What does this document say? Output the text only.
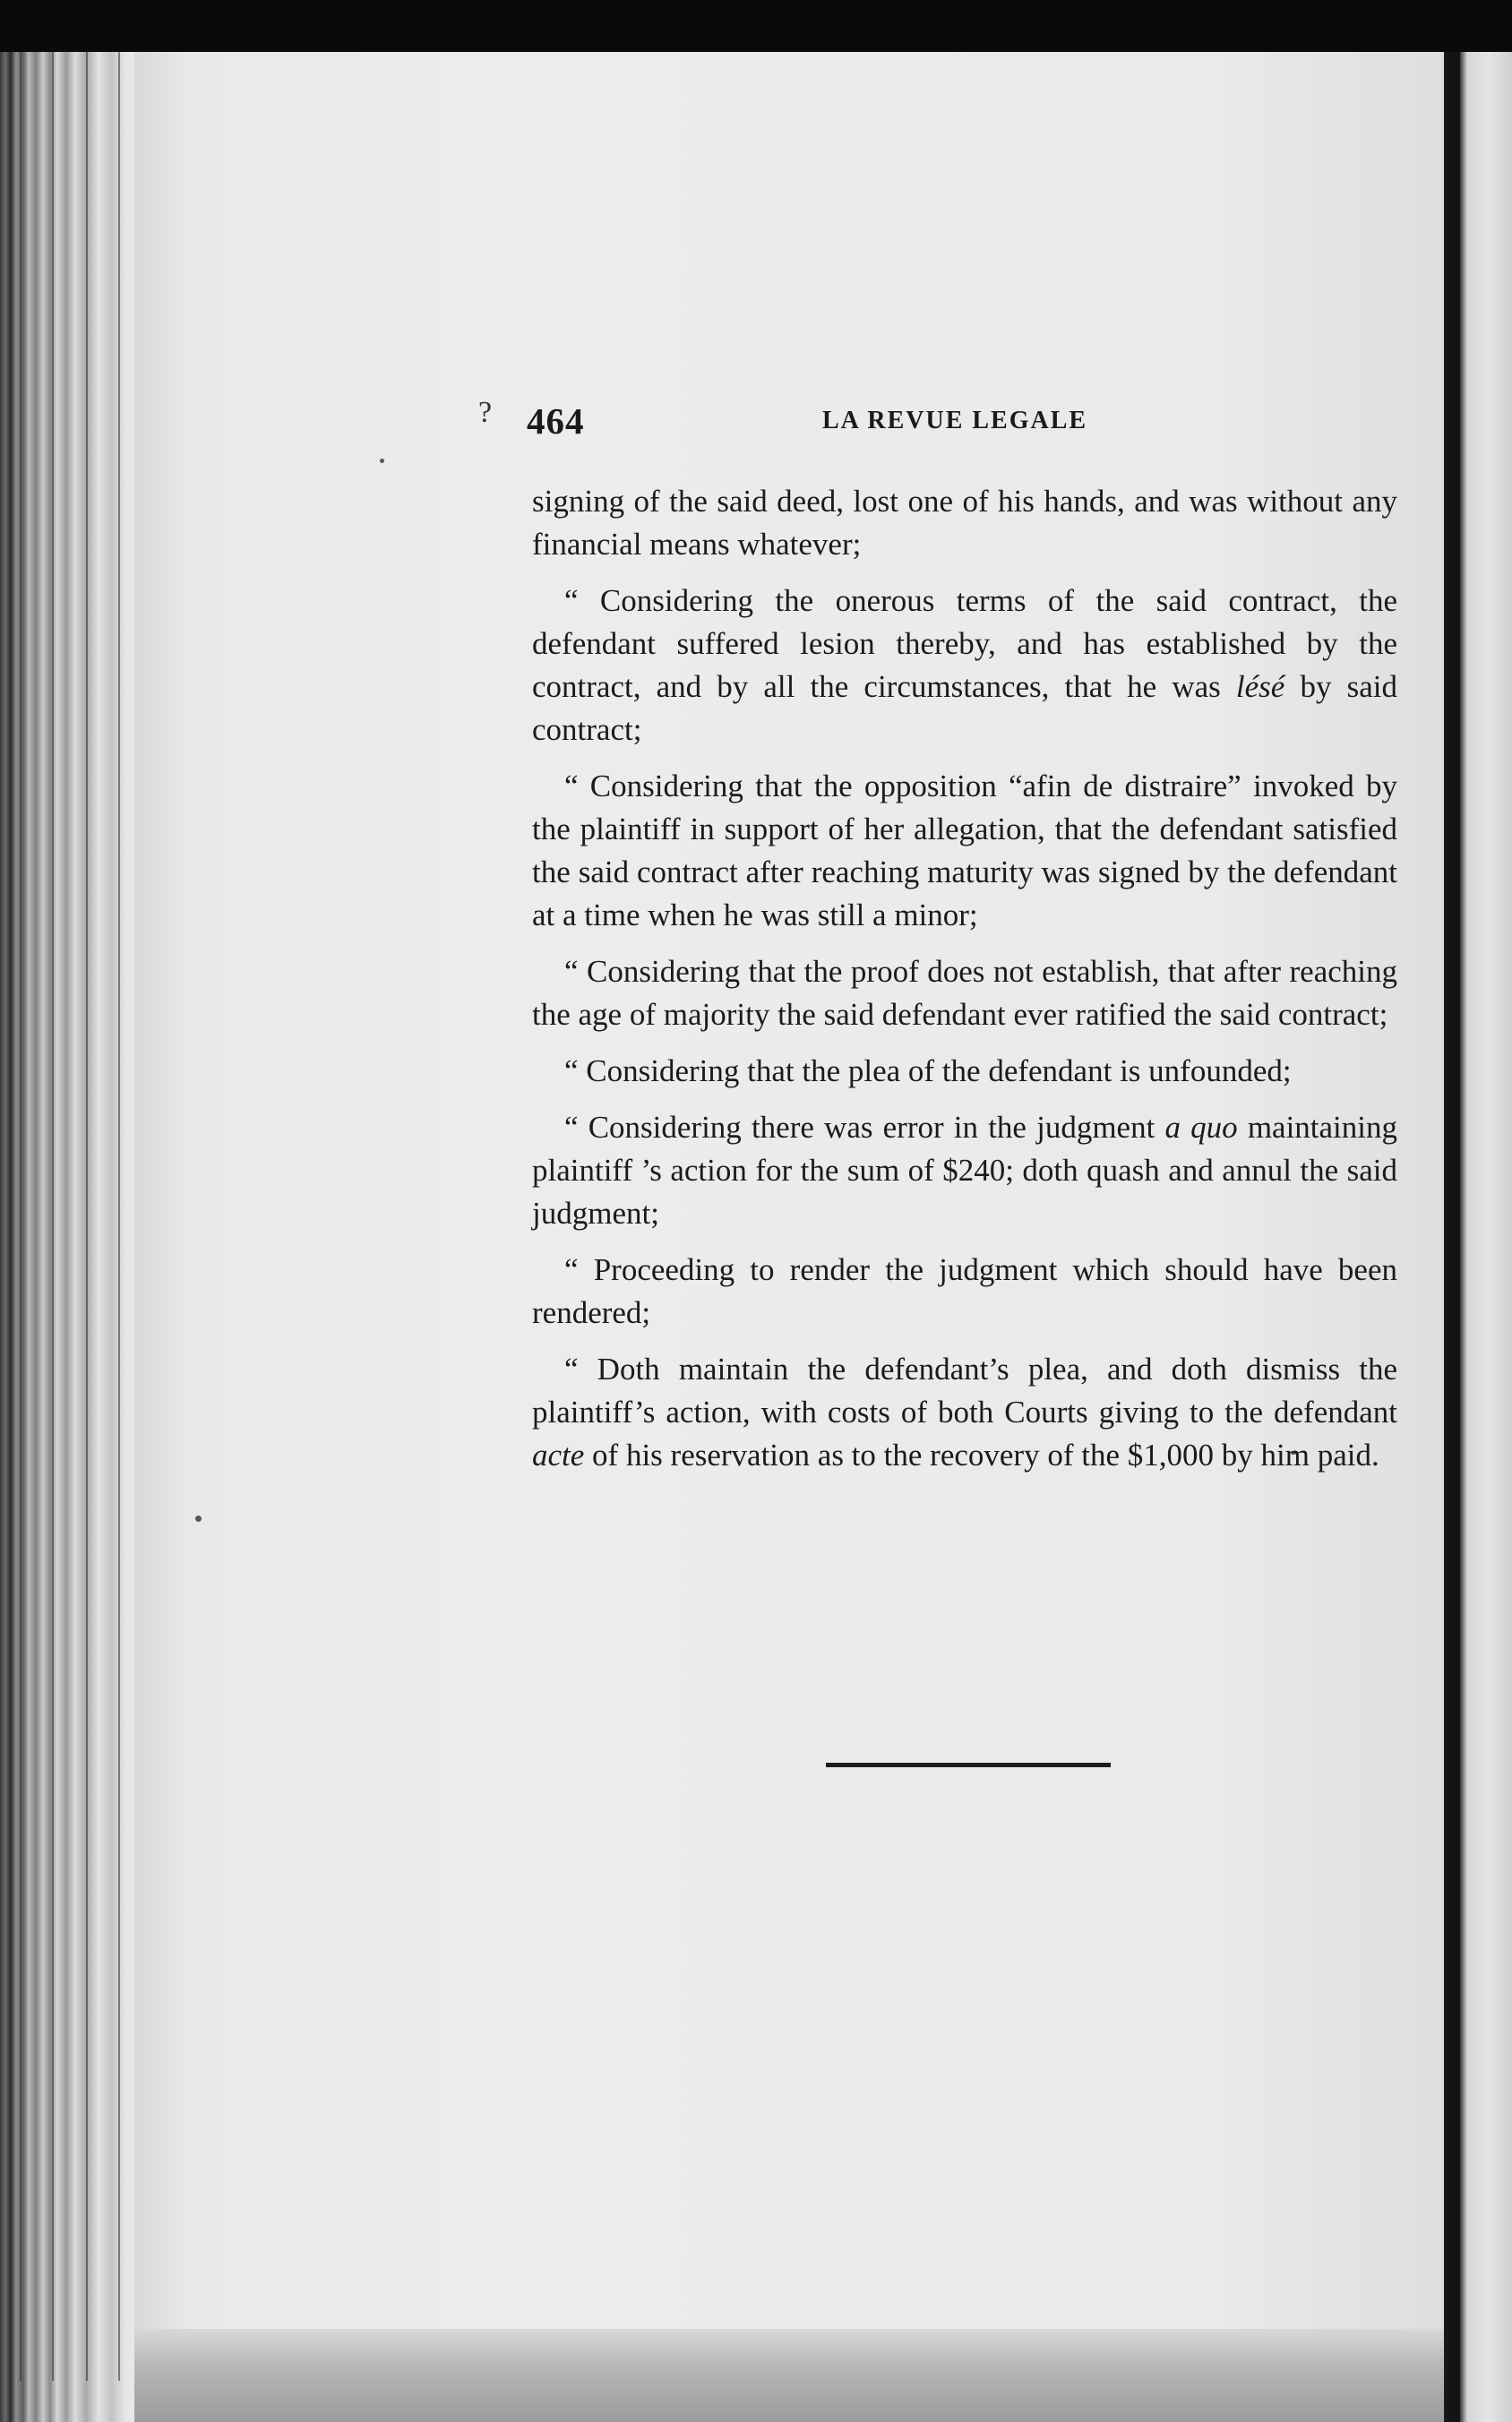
? 464	LA REVUE LEGALE

signing of the said deed, lost one of his hands, and was without any financial means whatever;

“ Considering the onerous terms of the said contract, the defendant suffered lesion thereby, and has established by the contract, and by all the circumstances, that he was lésé by said contract;

“ Considering that the opposition “afin de distraire” invoked by the plaintiff in support of her allegation, that the defendant satisfied the said contract after reaching maturity was signed by the defendant at a time when he was still a minor;

“ Considering that the proof does not establish, that after reaching the age of majority the said defendant ever ratified the said contract;

“ Considering that the plea of the defendant is unfounded;

“ Considering there was error in the judgment a quo maintaining plaintiff ’s action for the sum of $240; doth quash and annul the said judgment;

“ Proceeding to render the judgment which should have been rendered;

“ Doth maintain the defendant’s plea, and doth dismiss the plaintiff’s action, with costs of both Courts giving to the defendant acte of his reservation as to the recovery of the $1,000 by him paid.
